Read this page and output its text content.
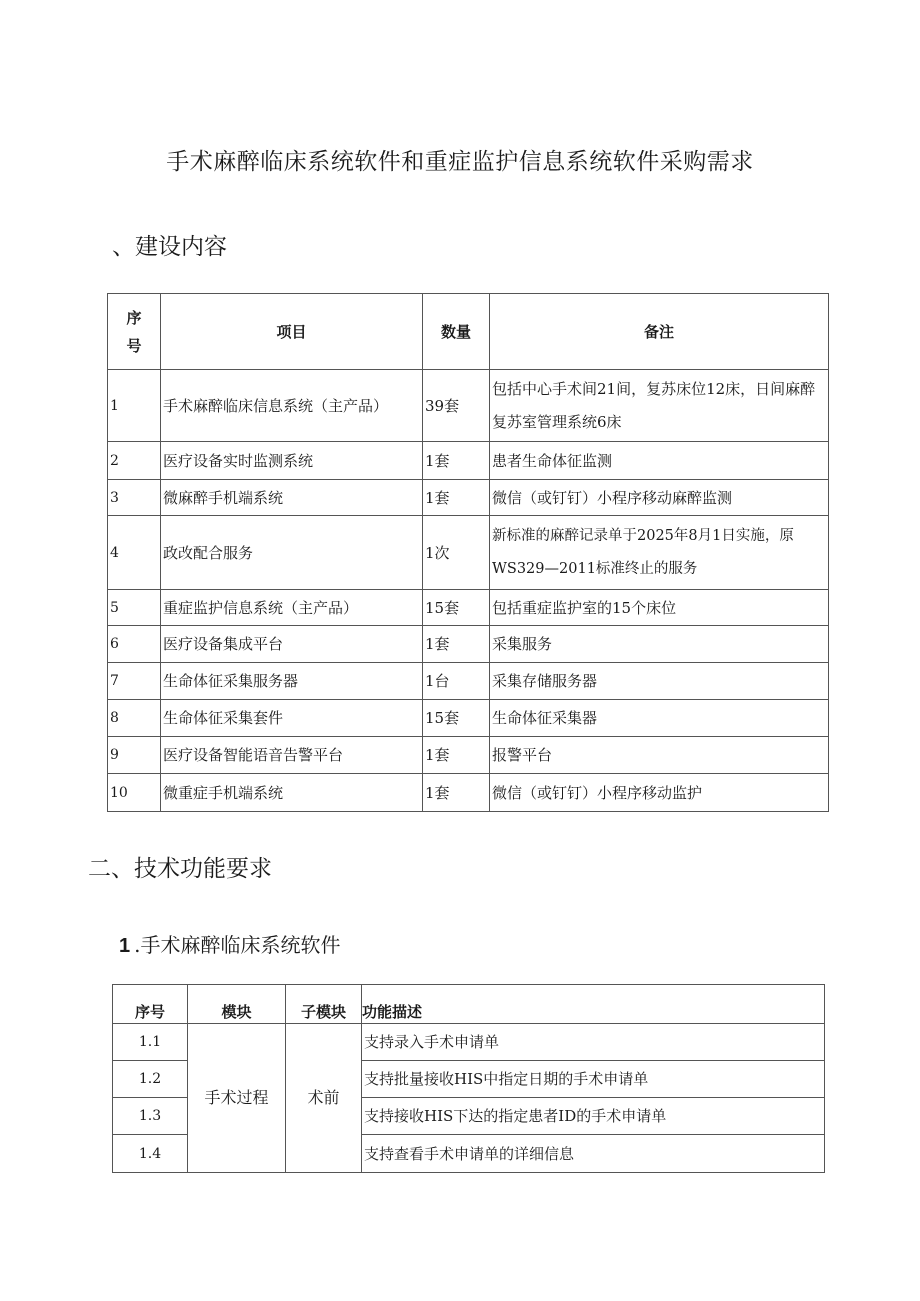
手术麻醉临床系统软件和重症监护信息系统软件采购需求
、建设内容
序号	项目	数量	备注
1	手术麻醉临床信息系统（主产品）	39套	包括中心手术间21间，复苏床位12床，日间麻醉复苏室管理系统6床
2	医疗设备实时监测系统	1套	患者生命体征监测
3	微麻醉手机端系统	1套	微信（或钉钉）小程序移动麻醉监测
4	政改配合服务	1次	新标准的麻醉记录单于2025年8月1日实施，原WS329—2011标准终止的服务
5	重症监护信息系统（主产品）	15套	包括重症监护室的15个床位
6	医疗设备集成平台	1套	采集服务
7	生命体征采集服务器	1台	采集存储服务器
8	生命体征采集套件	15套	生命体征采集器
9	医疗设备智能语音告警平台	1套	报警平台
10	微重症手机端系统	1套	微信（或钉钉）小程序移动监护
二、技术功能要求
1 .手术麻醉临床系统软件
序号	模块	子模块	功能描述
1.1	手术过程	术前	支持录入手术申请单
1.2			支持批量接收HIS中指定日期的手术申请单
1.3			支持接收HIS下达的指定患者ID的手术申请单
1.4			支持查看手术申请单的详细信息
